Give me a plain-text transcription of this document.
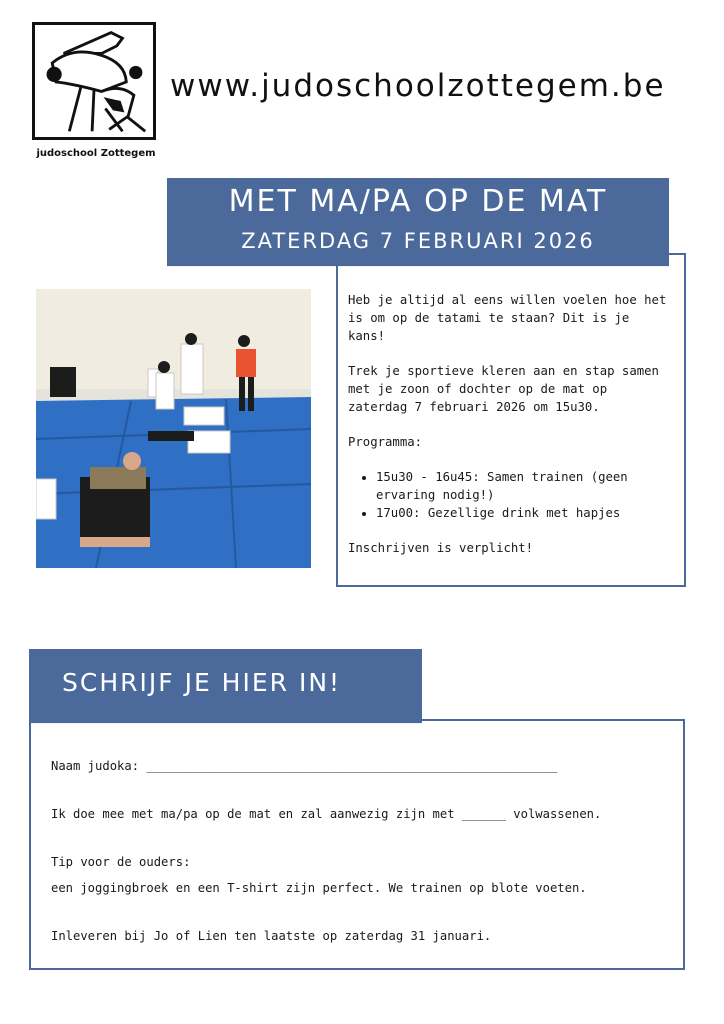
judoschool Zottegem
www.judoschoolzottegem.be

Heb je altijd al eens willen voelen hoe het is om op de tatami te staan? Dit is je kans!

Trek je sportieve kleren aan en stap samen met je zoon of dochter op de mat op zaterdag 7 februari 2026 om 15u30.

Programma:

• 15u30 - 16u45: Samen trainen (geen ervaring nodig!)
• 17u00: Gezellige drink met hapjes

Inschrijven is verplicht!

MET MA/PA OP DE MAT
ZATERDAG 7 FEBRUARI 2026
Naam judoka: ________________________________________________________
Ik doe mee met ma/pa op de mat en zal aanwezig zijn met ______ volwassenen.
Tip voor de ouders:
een joggingbroek en een T-shirt zijn perfect. We trainen op blote voeten.
Inleveren bij Jo of Lien ten laatste op zaterdag 31 januari.
SCHRIJF JE HIER IN!
